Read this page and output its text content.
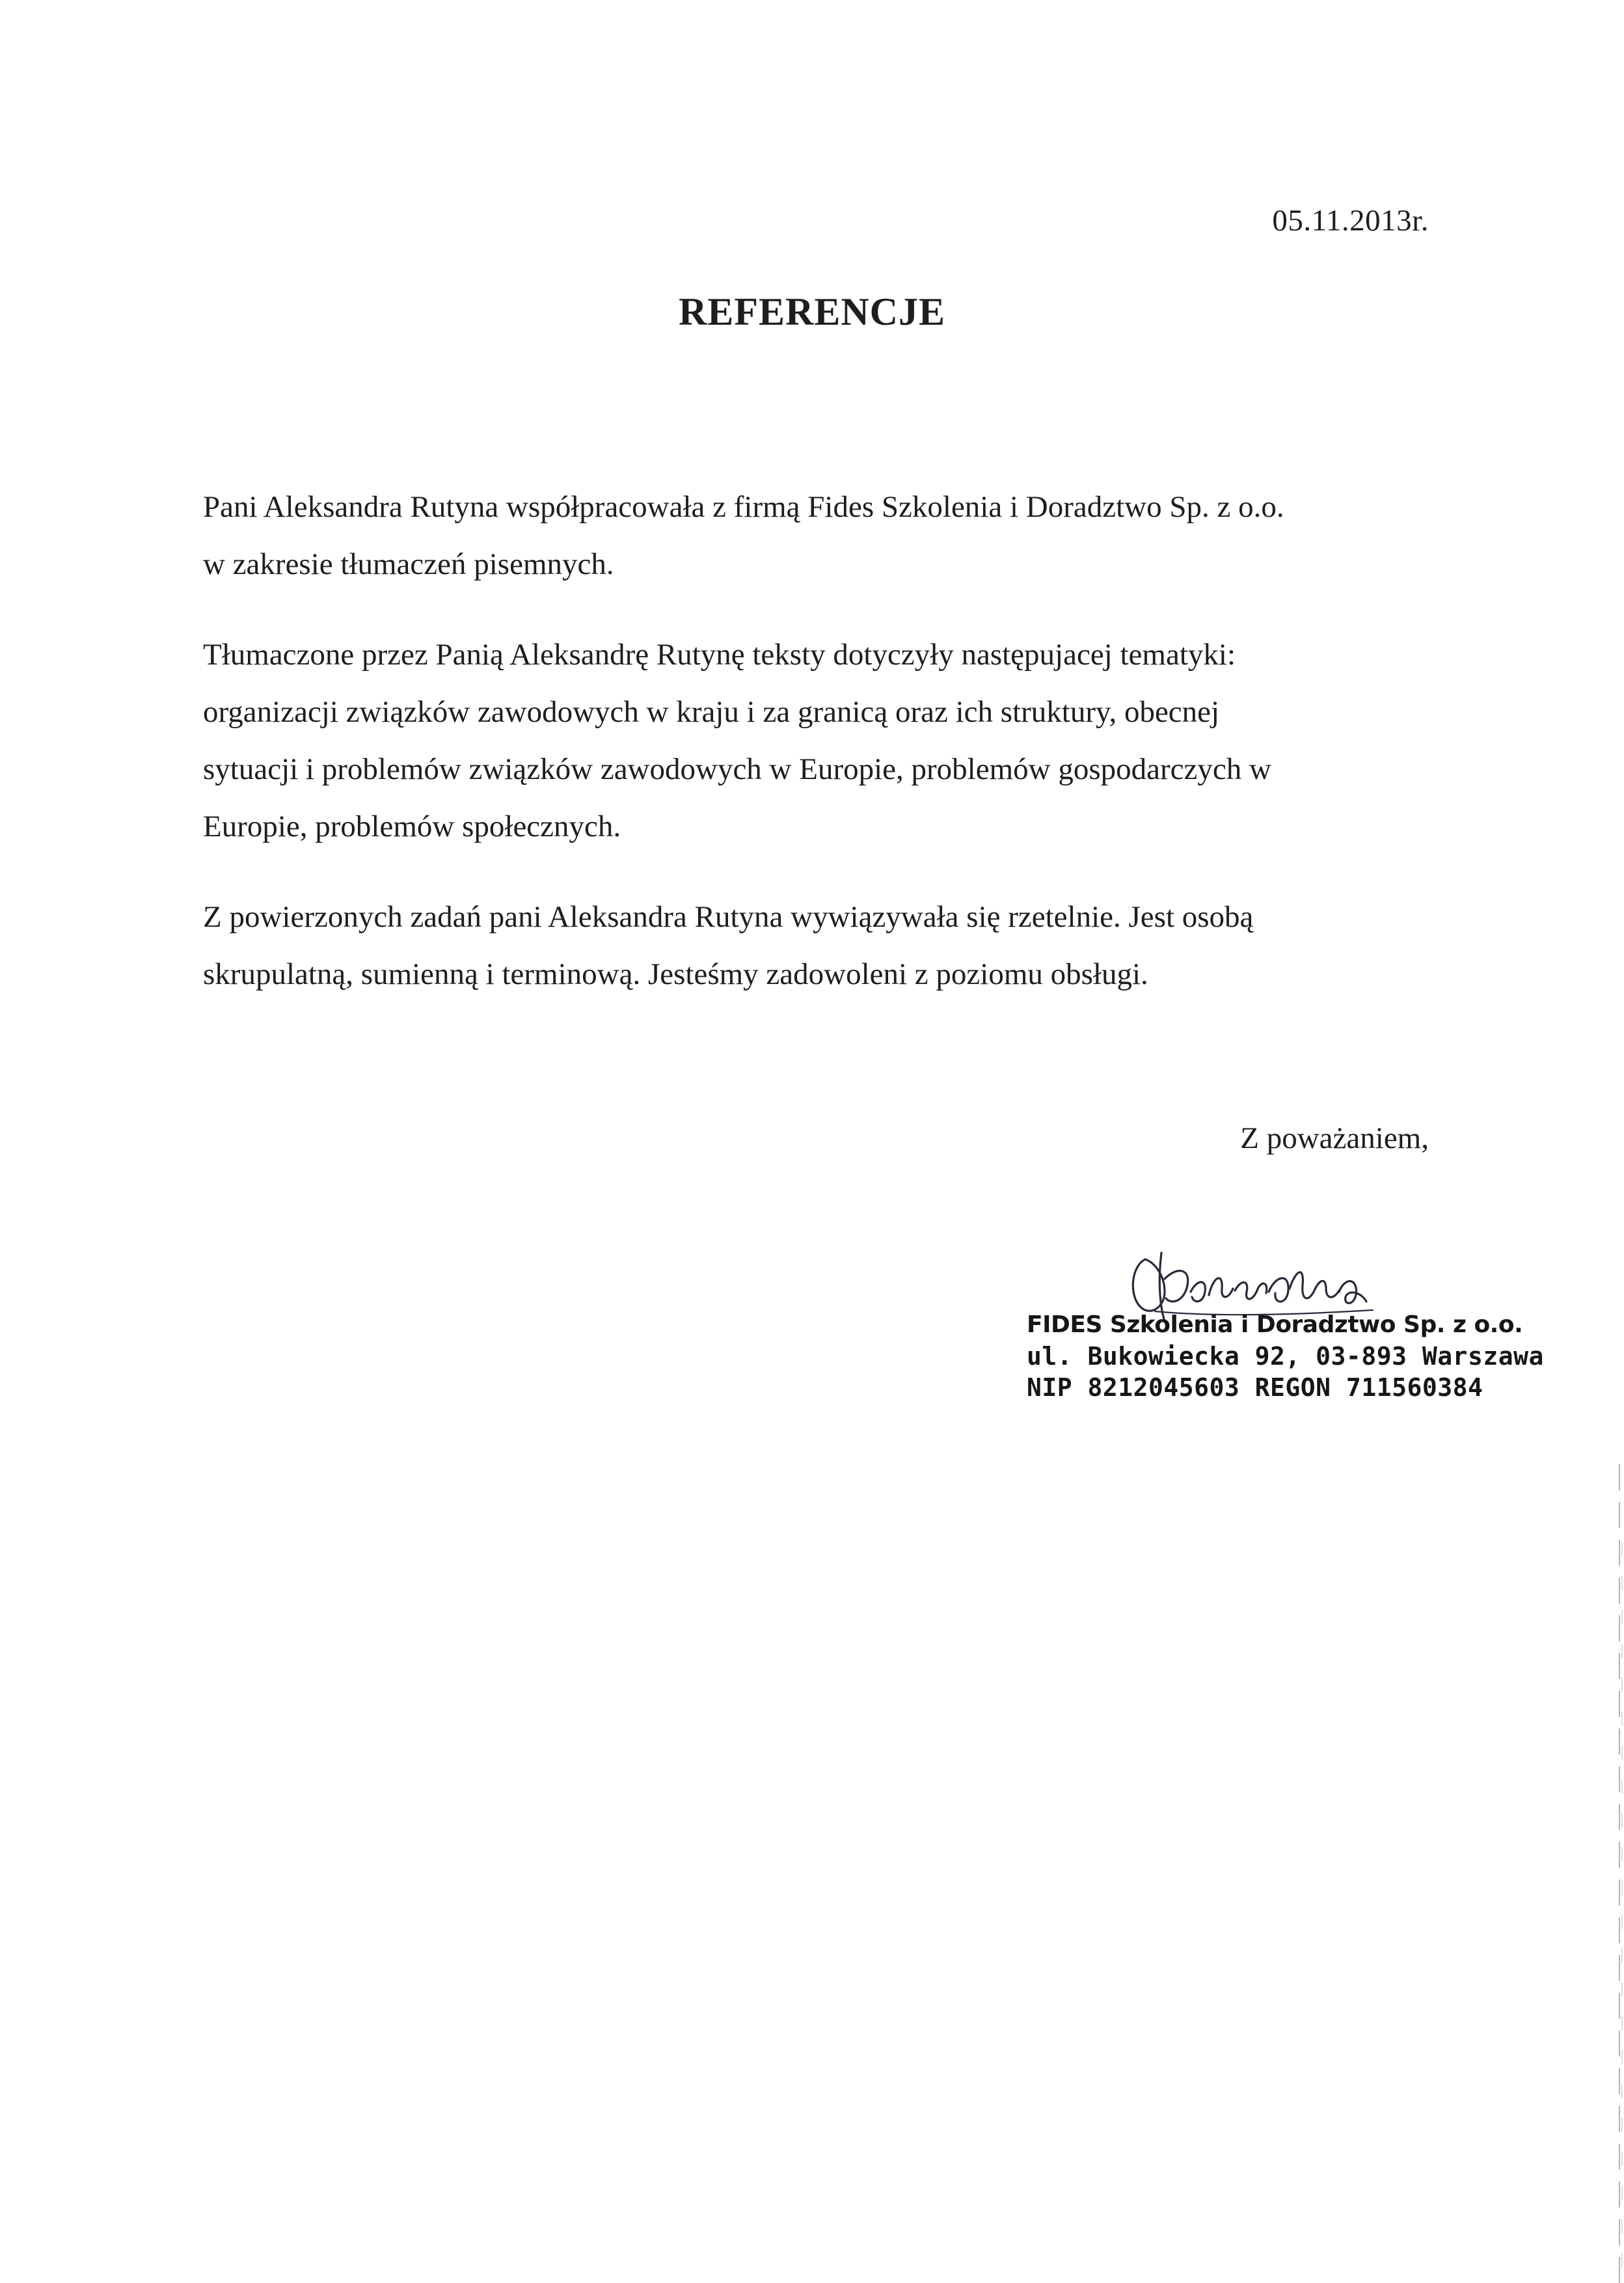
05.11.2013r.
REFERENCJE
Pani Aleksandra Rutyna współpracowała z firmą Fides Szkolenia i Doradztwo Sp. z o.o.
w zakresie tłumaczeń pisemnych.
Tłumaczone przez Panią Aleksandrę Rutynę teksty dotyczyły następujacej tematyki:
organizacji związków zawodowych w kraju i za granicą oraz ich struktury, obecnej
sytuacji i problemów związków zawodowych w Europie, problemów gospodarczych w
Europie, problemów społecznych.
Z powierzonych zadań pani Aleksandra Rutyna wywiązywała się rzetelnie. Jest osobą
skrupulatną, sumienną i terminową. Jesteśmy zadowoleni z poziomu obsługi.
Z poważaniem,
FIDES Szkolenia i Doradztwo Sp. z o.o.
ul. Bukowiecka 92, 03-893 Warszawa
NIP 8212045603 REGON 711560384
